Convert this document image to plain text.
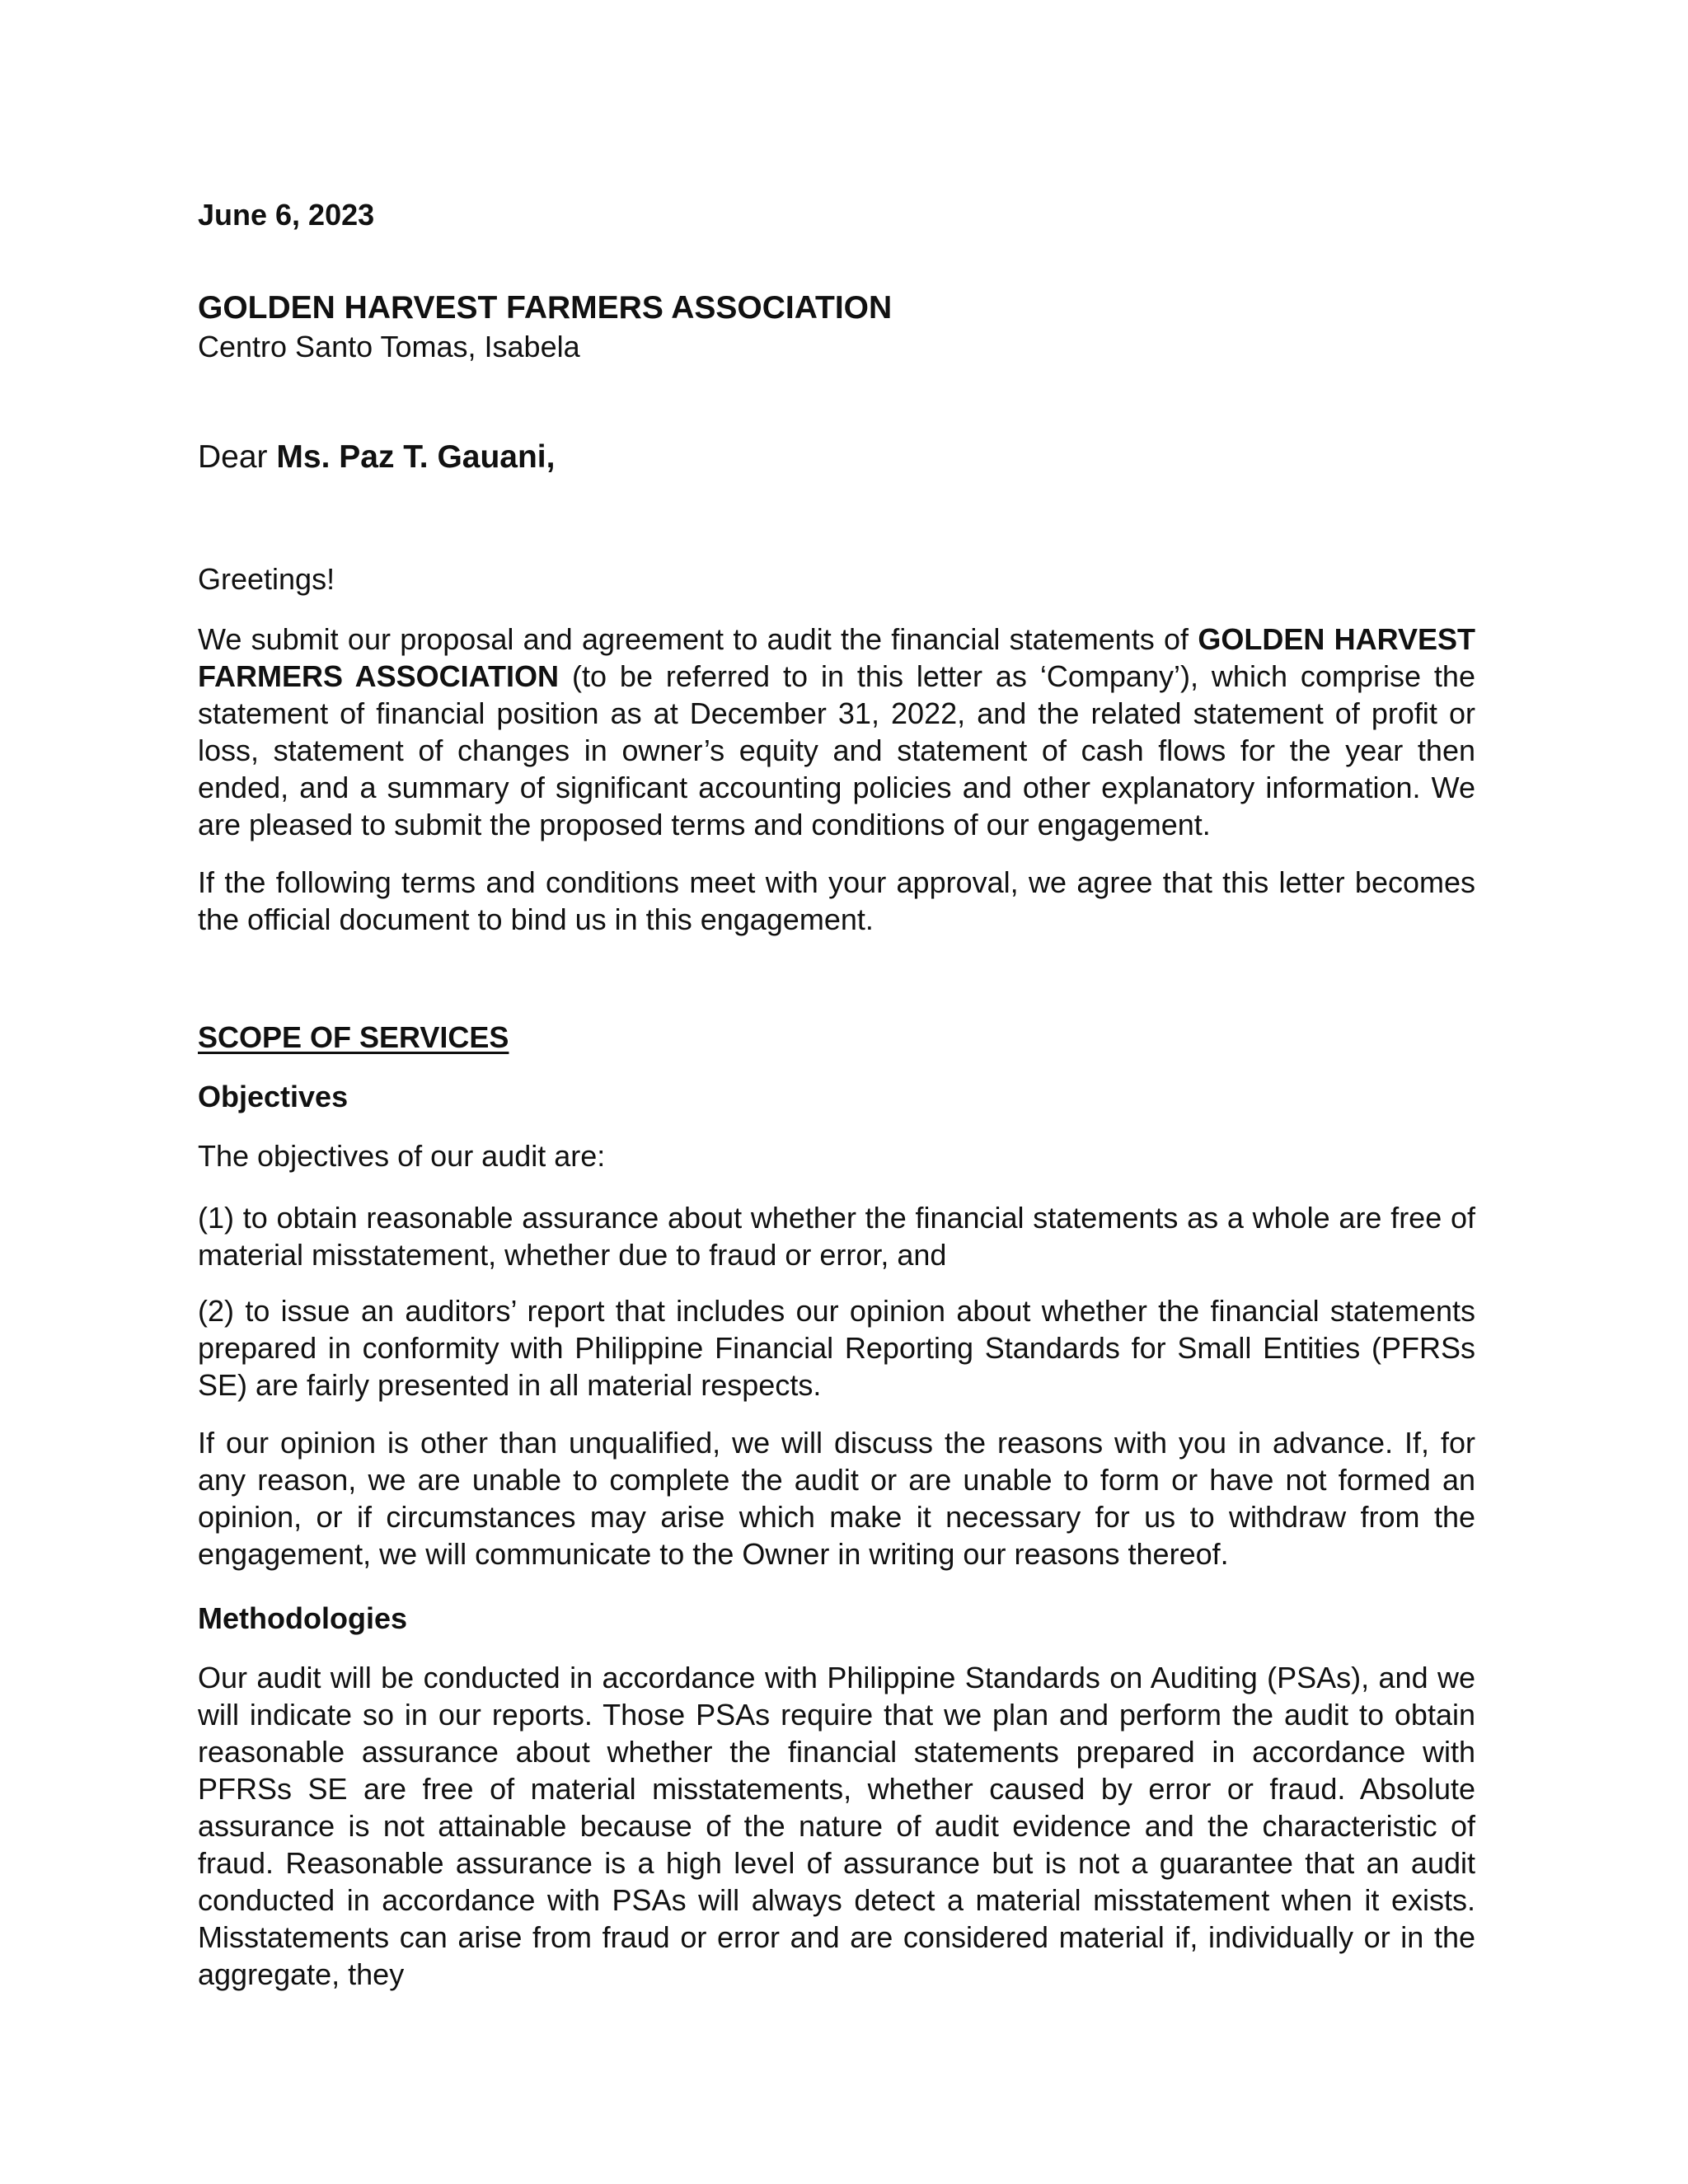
June 6, 2023
GOLDEN HARVEST FARMERS ASSOCIATION
Centro Santo Tomas, Isabela
Dear Ms. Paz T. Gauani,
Greetings!
We submit our proposal and agreement to audit the financial statements of GOLDEN HARVEST FARMERS ASSOCIATION (to be referred to in this letter as ‘Company’), which comprise the statement of financial position as at December 31, 2022, and the related statement of profit or loss, statement of changes in owner’s equity and statement of cash flows for the year then ended, and a summary of significant accounting policies and other explanatory information. We are pleased to submit the proposed terms and conditions of our engagement.
If the following terms and conditions meet with your approval, we agree that this letter becomes the official document to bind us in this engagement.
SCOPE OF SERVICES
Objectives
The objectives of our audit are:
(1) to obtain reasonable assurance about whether the financial statements as a whole are free of material misstatement, whether due to fraud or error, and
(2) to issue an auditors’ report that includes our opinion about whether the financial statements prepared in conformity with Philippine Financial Reporting Standards for Small Entities (PFRSs SE) are fairly presented in all material respects.
If our opinion is other than unqualified, we will discuss the reasons with you in advance. If, for any reason, we are unable to complete the audit or are unable to form or have not formed an opinion, or if circumstances may arise which make it necessary for us to withdraw from the engagement, we will communicate to the Owner in writing our reasons thereof.
Methodologies
Our audit will be conducted in accordance with Philippine Standards on Auditing (PSAs), and we will indicate so in our reports. Those PSAs require that we plan and perform the audit to obtain reasonable assurance about whether the financial statements prepared in accordance with PFRSs SE are free of material misstatements, whether caused by error or fraud. Absolute assurance is not attainable because of the nature of audit evidence and the characteristic of fraud. Reasonable assurance is a high level of assurance but is not a guarantee that an audit conducted in accordance with PSAs will always detect a material misstatement when it exists. Misstatements can arise from fraud or error and are considered material if, individually or in the aggregate, they
